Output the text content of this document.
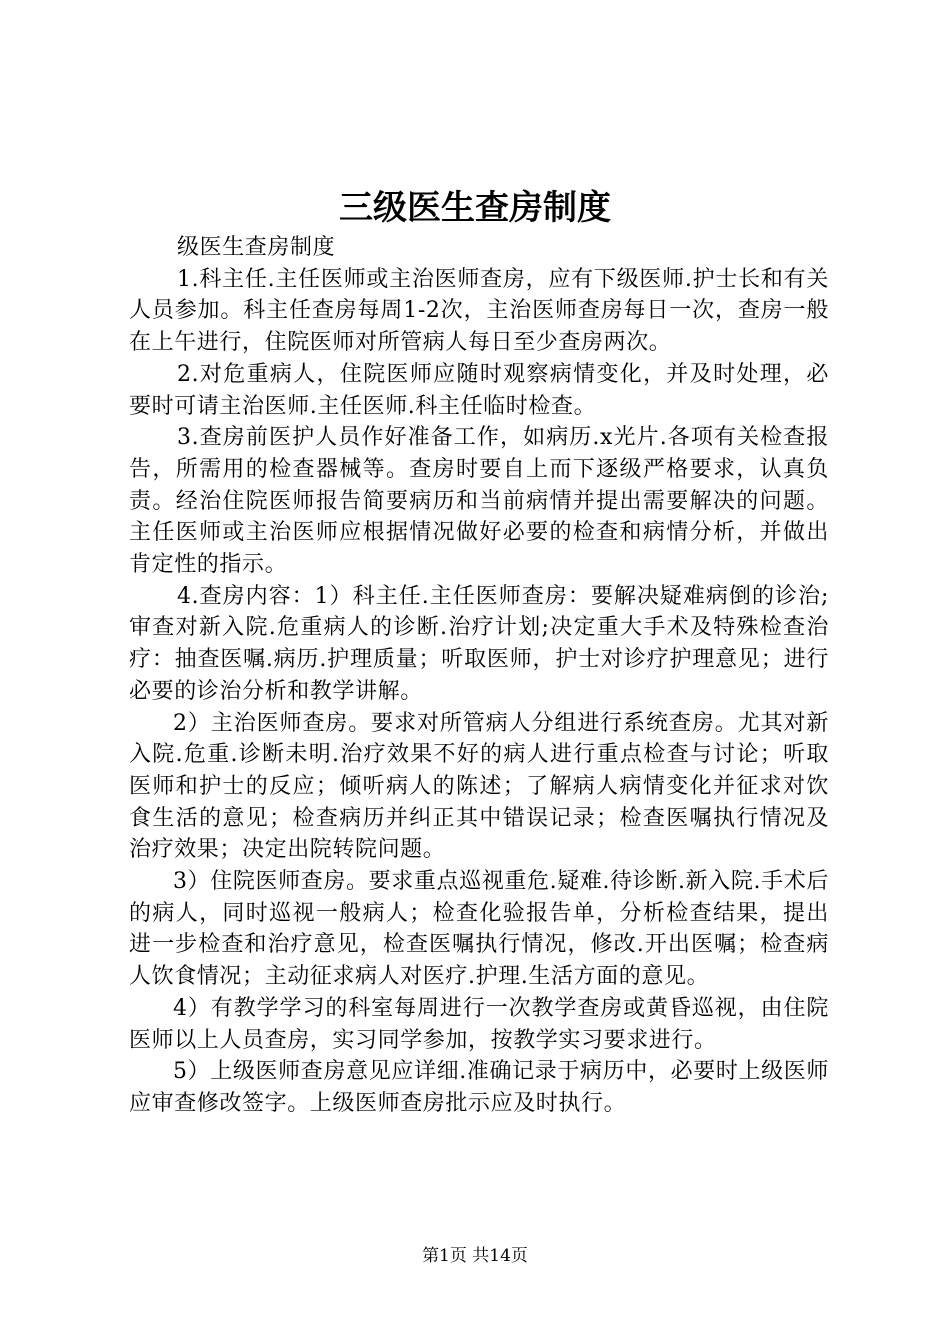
三级医生查房制度

级医生查房制度

1.科主任.主任医师或主治医师查房，应有下级医师.护士长和有关人员参加。科主任查房每周1-2次，主治医师查房每日一次，查房一般在上午进行，住院医师对所管病人每日至少查房两次。

2.对危重病人，住院医师应随时观察病情变化，并及时处理，必要时可请主治医师.主任医师.科主任临时检查。

3.查房前医护人员作好准备工作，如病历.x光片.各项有关检查报告，所需用的检查器械等。查房时要自上而下逐级严格要求，认真负责。经治住院医师报告简要病历和当前病情并提出需要解决的问题。主任医师或主治医师应根据情况做好必要的检查和病情分析，并做出肯定性的指示。

4.查房内容：1）科主任.主任医师查房：要解决疑难病倒的诊治;审查对新入院.危重病人的诊断.治疗计划;决定重大手术及特殊检查治疗：抽查医嘱.病历.护理质量；听取医师，护士对诊疗护理意见；进行必要的诊治分析和教学讲解。

2）主治医师查房。要求对所管病人分组进行系统查房。尤其对新入院.危重.诊断未明.治疗效果不好的病人进行重点检查与讨论；听取医师和护士的反应；倾听病人的陈述；了解病人病情变化并征求对饮食生活的意见；检查病历并纠正其中错误记录；检查医嘱执行情况及治疗效果；决定出院转院问题。

3）住院医师查房。要求重点巡视重危.疑难.待诊断.新入院.手术后的病人，同时巡视一般病人；检查化验报告单，分析检查结果，提出进一步检查和治疗意见，检查医嘱执行情况，修改.开出医嘱；检查病人饮食情况；主动征求病人对医疗.护理.生活方面的意见。

4）有教学学习的科室每周进行一次教学查房或黄昏巡视，由住院医师以上人员查房，实习同学参加，按教学实习要求进行。

5）上级医师查房意见应详细.准确记录于病历中，必要时上级医师应审查修改签字。上级医师查房批示应及时执行。

第1页 共14页
